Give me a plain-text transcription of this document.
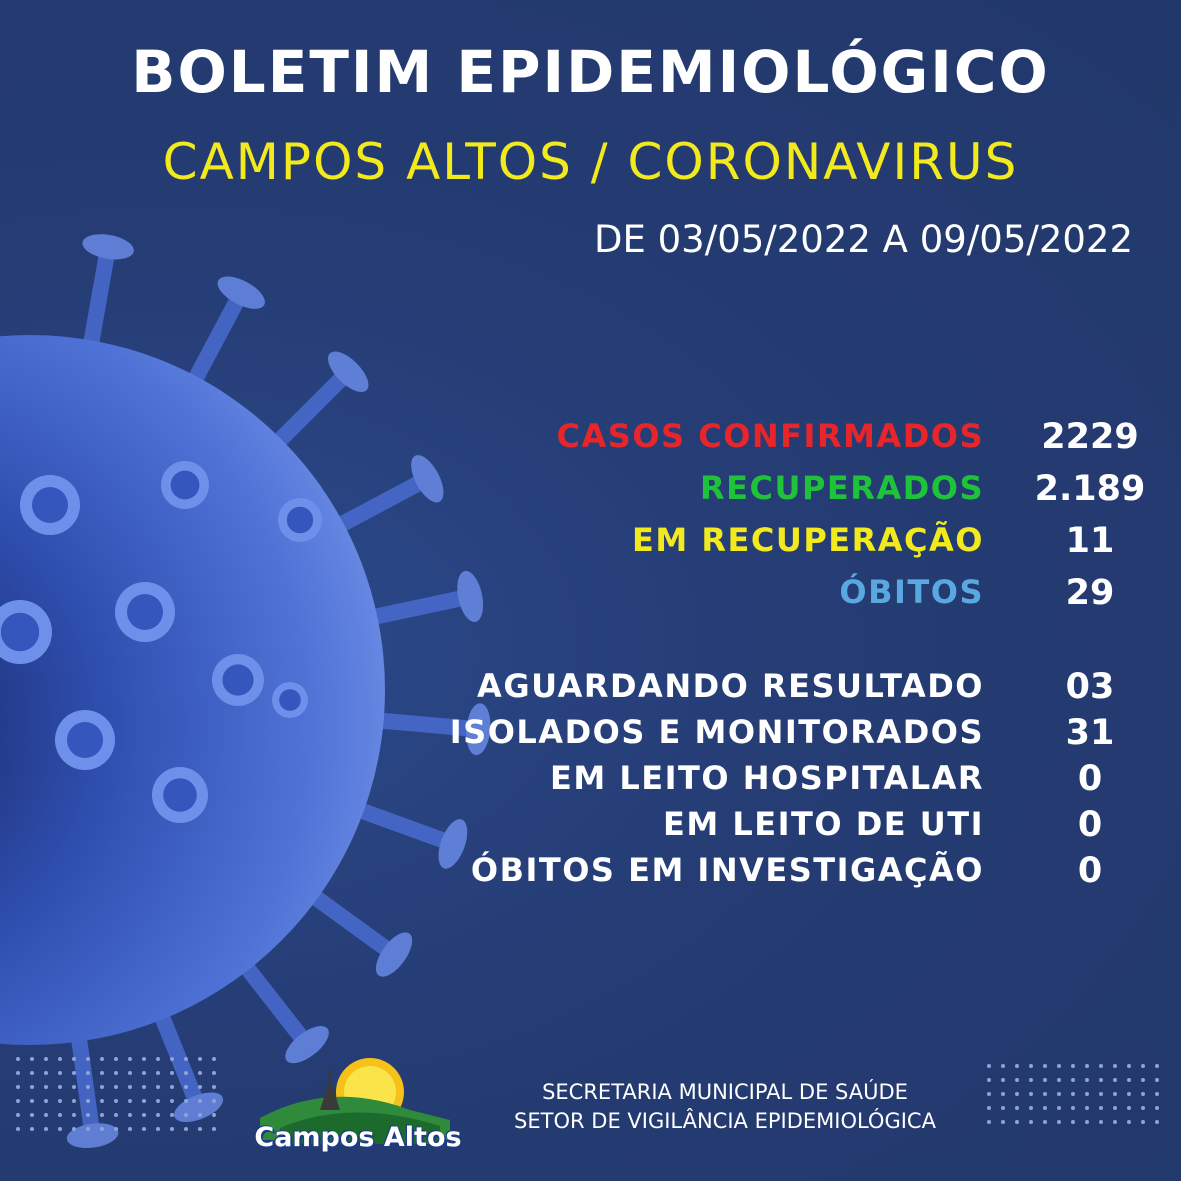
BOLETIM EPIDEMIOLÓGICO
CAMPOS ALTOS / CORONAVIRUS
DE 03/05/2022 A 09/05/2022
CASOS CONFIRMADOS	2229
RECUPERADOS 2.189
EM RECUPERAÇÃO	11
ÓBITOS	29
AGUARDANDO RESULTADO	03
ISOLADOS E MONITORADOS	31
EM LEITO HOSPITALAR	0
EM LEITO DE UTI	0
ÓBITOS EM INVESTIGAÇÃO	0
Campos Altos
SECRETARIA MUNICIPAL DE SAÚDE
SETOR DE VIGILÂNCIA EPIDEMIOLÓGICA
